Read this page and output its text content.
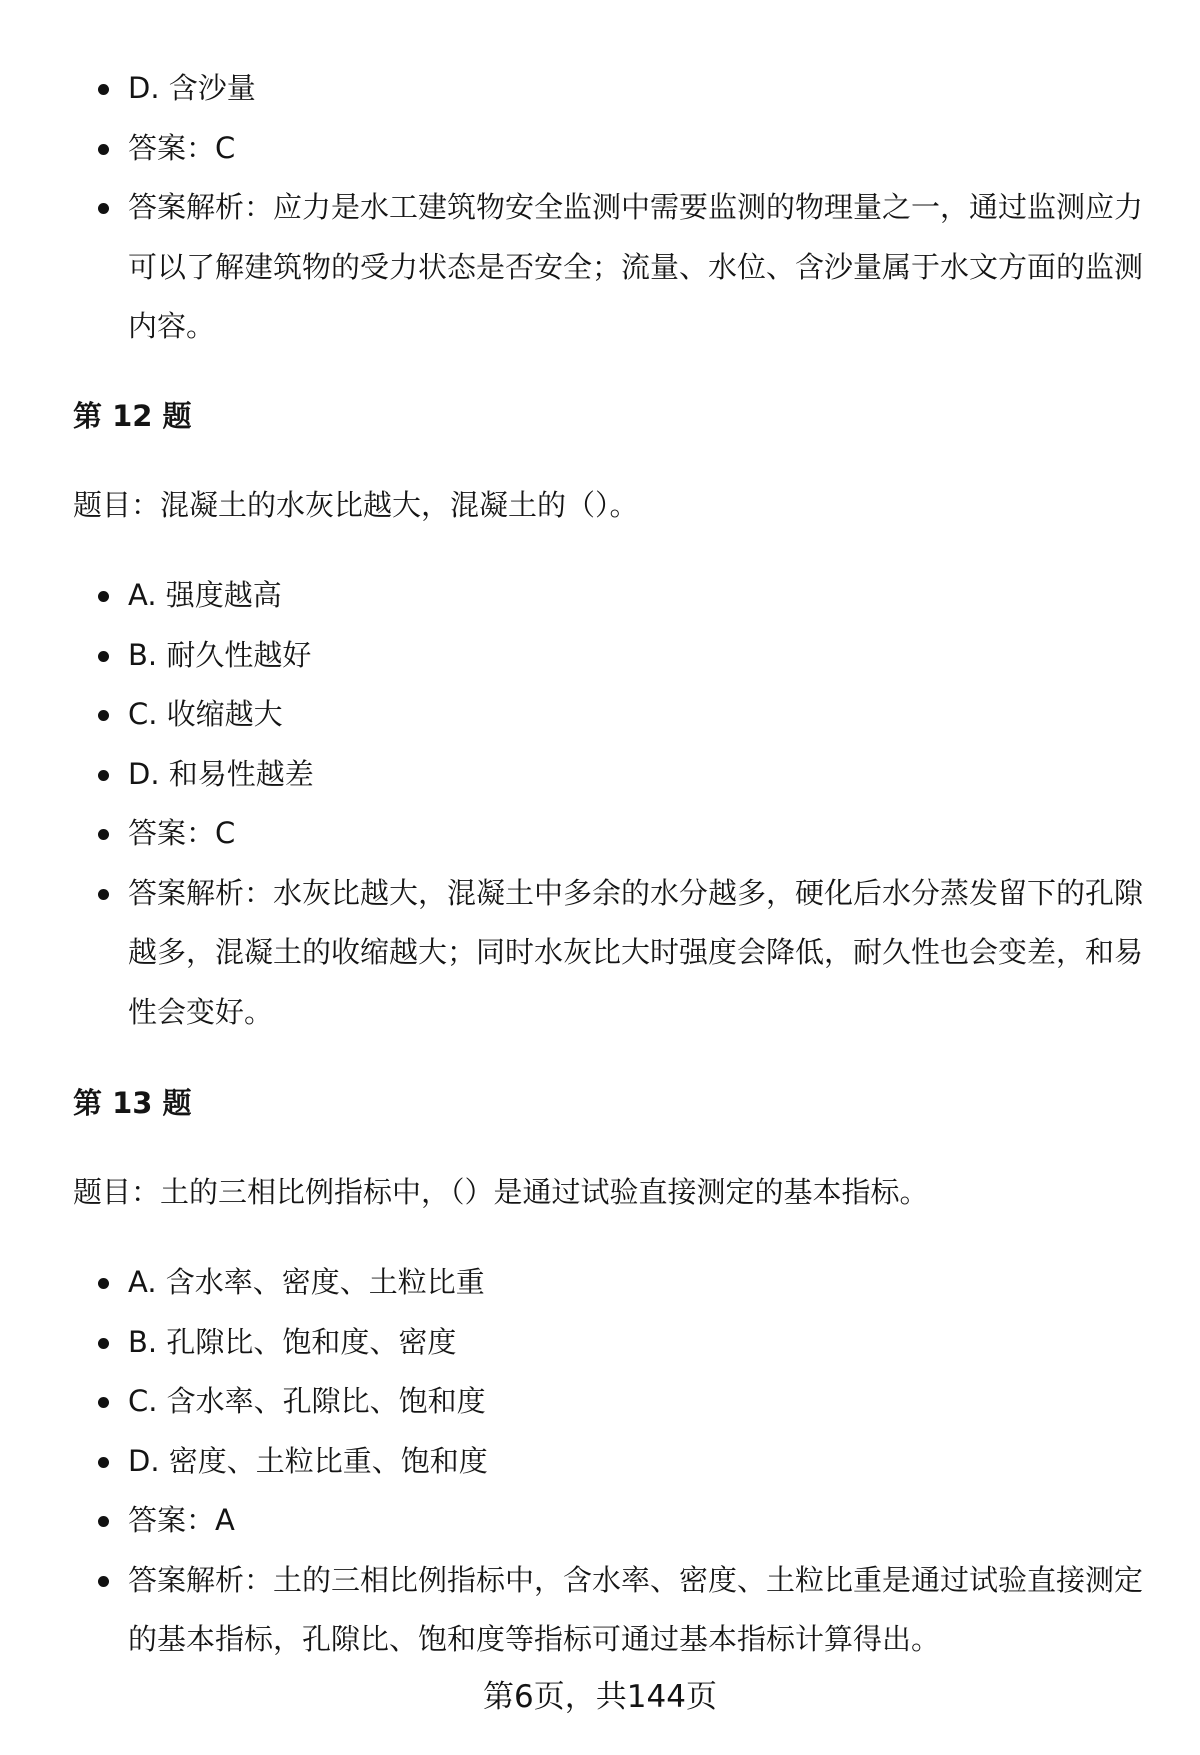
D. 含沙量
答案：C
答案解析：应力是水工建筑物安全监测中需要监测的物理量之一，通过监测应力可以了解建筑物的受力状态是否安全；流量、水位、含沙量属于水文方面的监测内容。
第 12 题

题目：混凝土的水灰比越大，混凝土的（）。

A. 强度越高
B. 耐久性越好
C. 收缩越大
D. 和易性越差
答案：C
答案解析：水灰比越大，混凝土中多余的水分越多，硬化后水分蒸发留下的孔隙越多，混凝土的收缩越大；同时水灰比大时强度会降低，耐久性也会变差，和易性会变好。
第 13 题

题目：土的三相比例指标中，（）是通过试验直接测定的基本指标。

A. 含水率、密度、土粒比重
B. 孔隙比、饱和度、密度
C. 含水率、孔隙比、饱和度
D. 密度、土粒比重、饱和度
答案：A
答案解析：土的三相比例指标中，含水率、密度、土粒比重是通过试验直接测定的基本指标，孔隙比、饱和度等指标可通过基本指标计算得出。
第6页，共144页
